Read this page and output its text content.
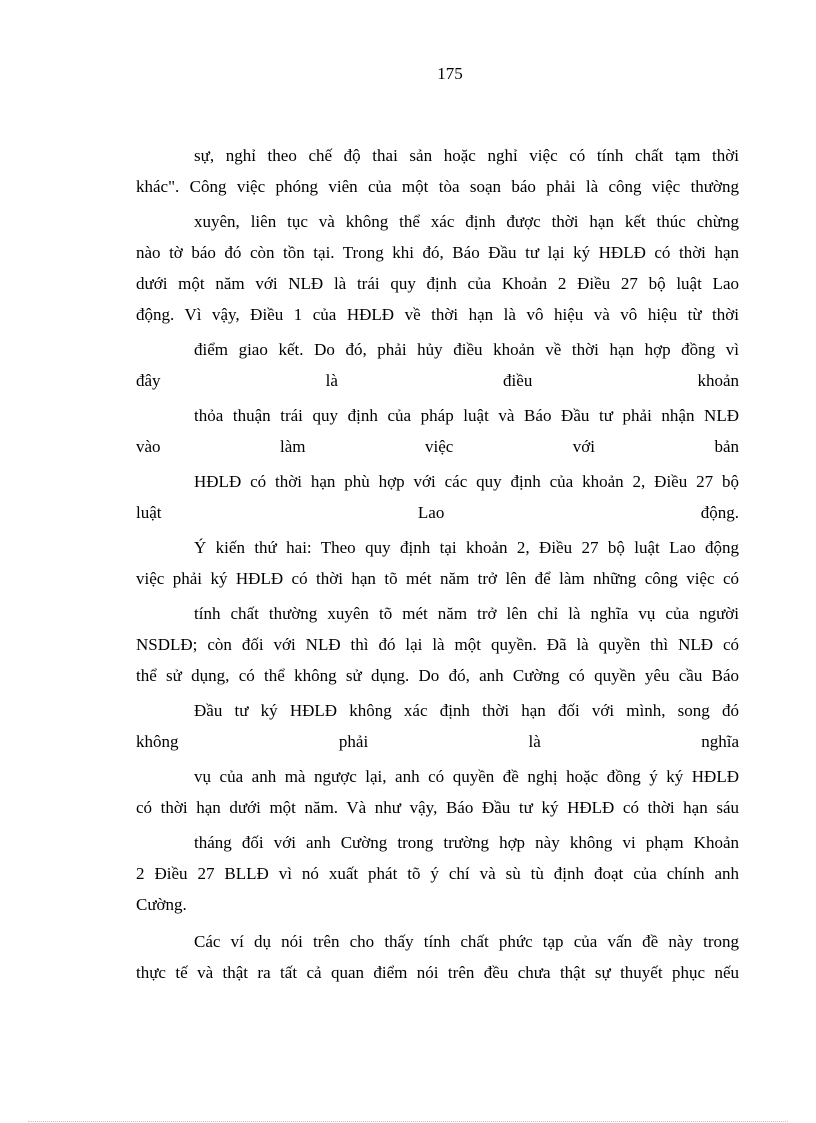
175
sự, nghỉ theo chế độ thai sản hoặc nghỉ việc có tính chất tạm thời
khác". Công việc phóng viên của một tòa soạn báo phải là công việc thường
xuyên, liên tục và không thể xác định được thời hạn kết thúc chừng
nào tờ báo đó còn tồn tại. Trong khi đó, Báo Đầu tư lại ký HĐLĐ có thời hạn
dưới một năm với NLĐ là trái quy định của Khoản 2 Điều 27 bộ luật Lao
động. Vì vậy, Điều 1 của HĐLĐ về thời hạn là vô hiệu và vô hiệu từ thời
điểm giao kết. Do đó, phải hủy điều khoản về thời hạn hợp đồng vì
đây là điều khoản
thỏa thuận trái quy định của pháp luật và Báo Đầu tư phải nhận NLĐ
vào làm việc với bản
HĐLĐ có thời hạn phù hợp với các quy định của khoản 2, Điều 27 bộ
luật Lao động.
Ý kiến thứ hai: Theo quy định tại khoản 2, Điều 27 bộ luật Lao động
việc phải ký HĐLĐ có thời hạn tõ mét năm trở lên để làm những công việc có
tính chất thường xuyên tõ mét năm trở lên chỉ là nghĩa vụ của người
NSDLĐ; còn đối với NLĐ thì đó lại là một quyền. Đã là quyền thì NLĐ có
thể sử dụng, có thể không sử dụng. Do đó, anh Cường có quyền yêu cầu Báo
Đầu tư ký HĐLĐ không xác định thời hạn đối với mình, song đó
không phải là nghĩa
vụ của anh mà ngược lại, anh có quyền đề nghị hoặc đồng ý ký HĐLĐ
có thời hạn dưới một năm. Và như vậy, Báo Đầu tư ký HĐLĐ có thời hạn sáu
tháng đối với anh Cường trong trường hợp này không vi phạm Khoản
2 Điều 27 BLLĐ vì nó xuất phát tõ ý chí và sù tù định đoạt của chính anh
Cường.
Các ví dụ nói trên cho thấy tính chất phức tạp của vấn đề này trong
thực tế và thật ra tất cả quan điểm nói trên đều chưa thật sự thuyết phục nếu
